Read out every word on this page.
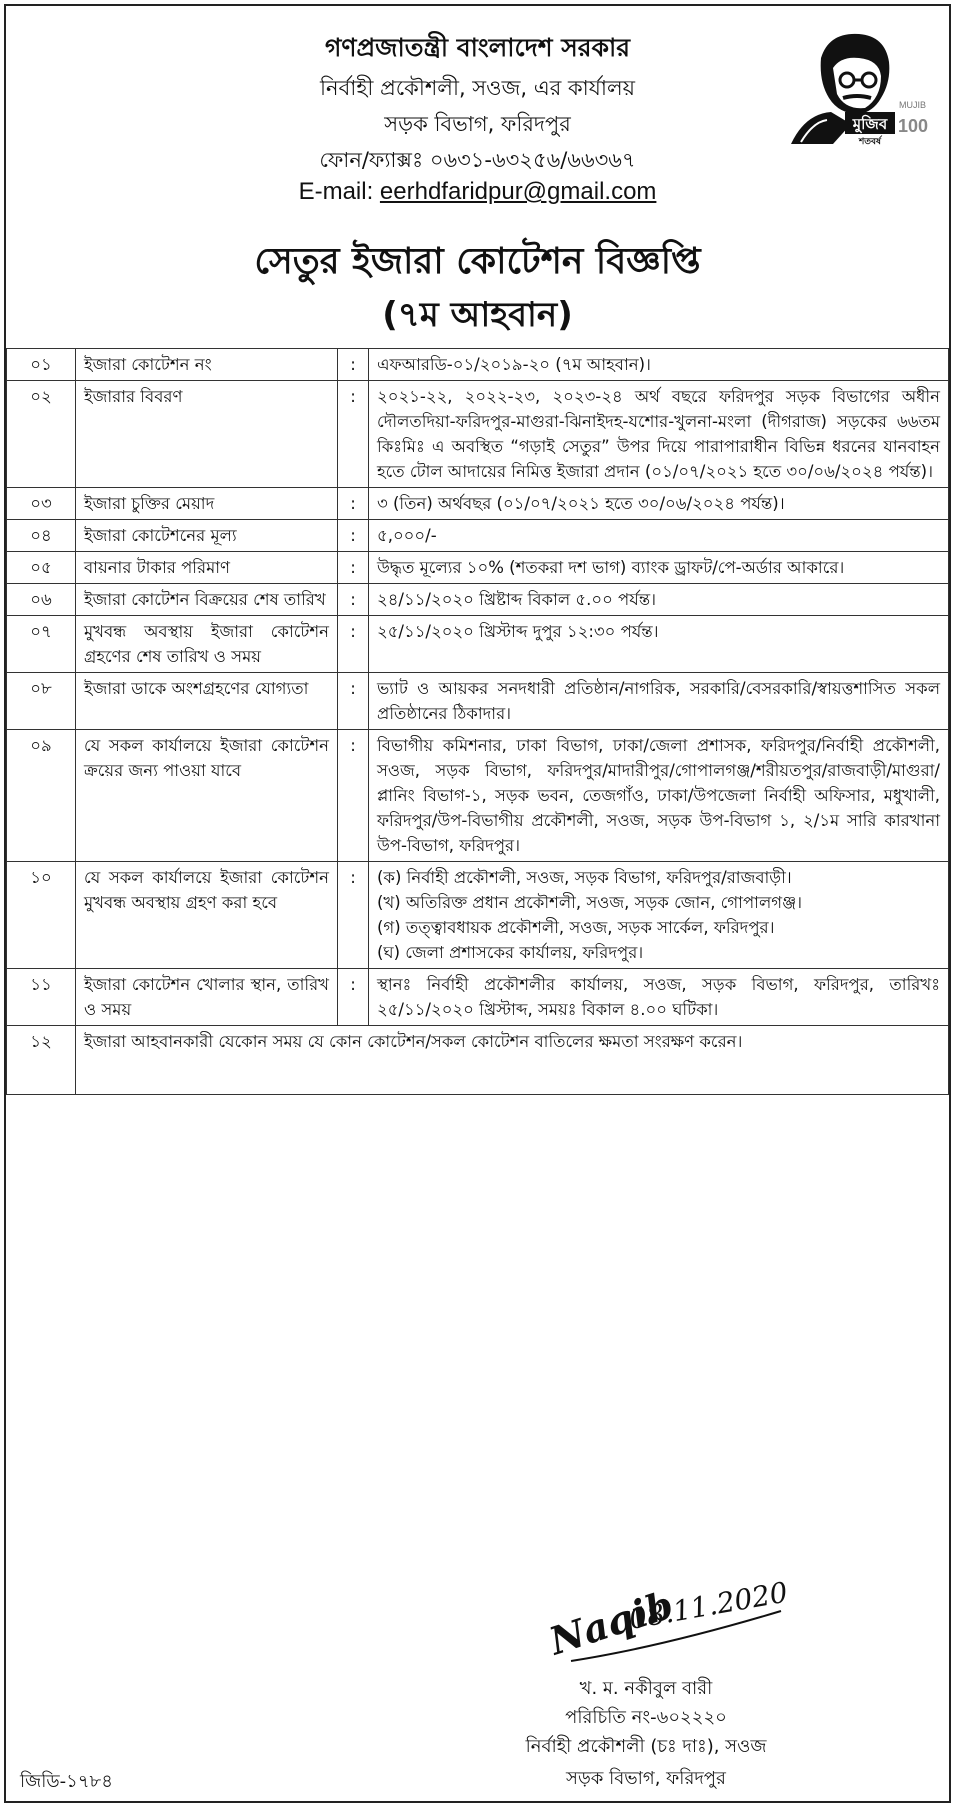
গণপ্রজাতন্ত্রী বাংলাদেশ সরকার
নির্বাহী প্রকৌশলী, সওজ, এর কার্যালয়
সড়ক বিভাগ, ফরিদপুর
ফোন/ফ্যাক্সঃ ০৬৩১-৬৩২৫৬/৬৬৩৬৭
E-mail: eerhdfaridpur@gmail.com
সেতুর ইজারা কোটেশন বিজ্ঞপ্তি
(৭ম আহবান)
মুজিব
শতবর্ষ
MUJIB
100
০১	ইজারা কোটেশন নং	:	এফআরডি-০১/২০১৯-২০ (৭ম আহবান)।
০২	ইজারার বিবরণ	:	২০২১-২২, ২০২২-২৩, ২০২৩-২৪ অর্থ বছরে ফরিদপুর সড়ক বিভাগের অধীন দৌলতদিয়া-ফরিদপুর-মাগুরা-ঝিনাইদহ-যশোর-খুলনা-মংলা (দীগরাজ) সড়কের ৬৬তম কিঃমিঃ এ অবস্থিত “গড়াই সেতুর” উপর দিয়ে পারাপারাধীন বিভিন্ন ধরনের যানবাহন হতে টোল আদায়ের নিমিত্ত ইজারা প্রদান (০১/০৭/২০২১ হতে ৩০/০৬/২০২৪ পর্যন্ত)।
০৩	ইজারা চুক্তির মেয়াদ	:	৩ (তিন) অর্থবছর (০১/০৭/২০২১ হতে ৩০/০৬/২০২৪ পর্যন্ত)।
০৪	ইজারা কোটেশনের মূল্য	:	৫,০০০/-
০৫	বায়নার টাকার পরিমাণ	:	উদ্ধৃত মূল্যের ১০% (শতকরা দশ ভাগ) ব্যাংক ড্রাফট/পে-অর্ডার আকারে।
০৬	ইজারা কোটেশন বিক্রয়ের শেষ তারিখ	:	২৪/১১/২০২০ খ্রিষ্টাব্দ বিকাল ৫.০০ পর্যন্ত।
০৭	মুখবন্ধ অবস্থায় ইজারা কোটেশন গ্রহণের শেষ তারিখ ও সময়	:	২৫/১১/২০২০ খ্রিস্টাব্দ দুপুর ১২:৩০ পর্যন্ত।
০৮	ইজারা ডাকে অংশগ্রহণের যোগ্যতা	:	ভ্যাট ও আয়কর সনদধারী প্রতিষ্ঠান/নাগরিক, সরকারি/বেসরকারি/স্বায়ত্তশাসিত সকল প্রতিষ্ঠানের ঠিকাদার।
০৯	যে সকল কার্যালয়ে ইজারা কোটেশন ক্রয়ের জন্য পাওয়া যাবে	:	বিভাগীয় কমিশনার, ঢাকা বিভাগ, ঢাকা/জেলা প্রশাসক, ফরিদপুর/নির্বাহী প্রকৌশলী, সওজ, সড়ক বিভাগ, ফরিদপুর/মাদারীপুর/গোপালগঞ্জ/শরীয়তপুর/রাজবাড়ী/মাগুরা/প্লানিং বিভাগ-১, সড়ক ভবন, তেজগাঁও, ঢাকা/উপজেলা নির্বাহী অফিসার, মধুখালী, ফরিদপুর/উপ-বিভাগীয় প্রকৌশলী, সওজ, সড়ক উপ-বিভাগ ১, ২/১ম সারি কারখানা উপ-বিভাগ, ফরিদপুর।
১০	যে সকল কার্যালয়ে ইজারা কোটেশন মুখবন্ধ অবস্থায় গ্রহণ করা হবে	:	(ক) নির্বাহী প্রকৌশলী, সওজ, সড়ক বিভাগ, ফরিদপুর/রাজবাড়ী।
(খ) অতিরিক্ত প্রধান প্রকৌশলী, সওজ, সড়ক জোন, গোপালগঞ্জ।
(গ) তত্ত্বাবধায়ক প্রকৌশলী, সওজ, সড়ক সার্কেল, ফরিদপুর।
(ঘ) জেলা প্রশাসকের কার্যালয়, ফরিদপুর।

১১	ইজারা কোটেশন খোলার স্থান, তারিখ ও সময়	:	স্থানঃ নির্বাহী প্রকৌশলীর কার্যালয়, সওজ, সড়ক বিভাগ, ফরিদপুর, তারিখঃ ২৫/১১/২০২০ খ্রিস্টাব্দ, সময়ঃ বিকাল ৪.০০ ঘটিকা।
১২	ইজারা আহবানকারী যেকোন সময় যে কোন কোটেশন/সকল কোটেশন বাতিলের ক্ষমতা সংরক্ষণ করেন।		
Naqib
08.11.2020
খ. ম. নকীবুল বারী
পরিচিতি নং-৬০২২২০
নির্বাহী প্রকৌশলী (চঃ দাঃ), সওজ
সড়ক বিভাগ, ফরিদপুর
জিডি-১৭৮৪
